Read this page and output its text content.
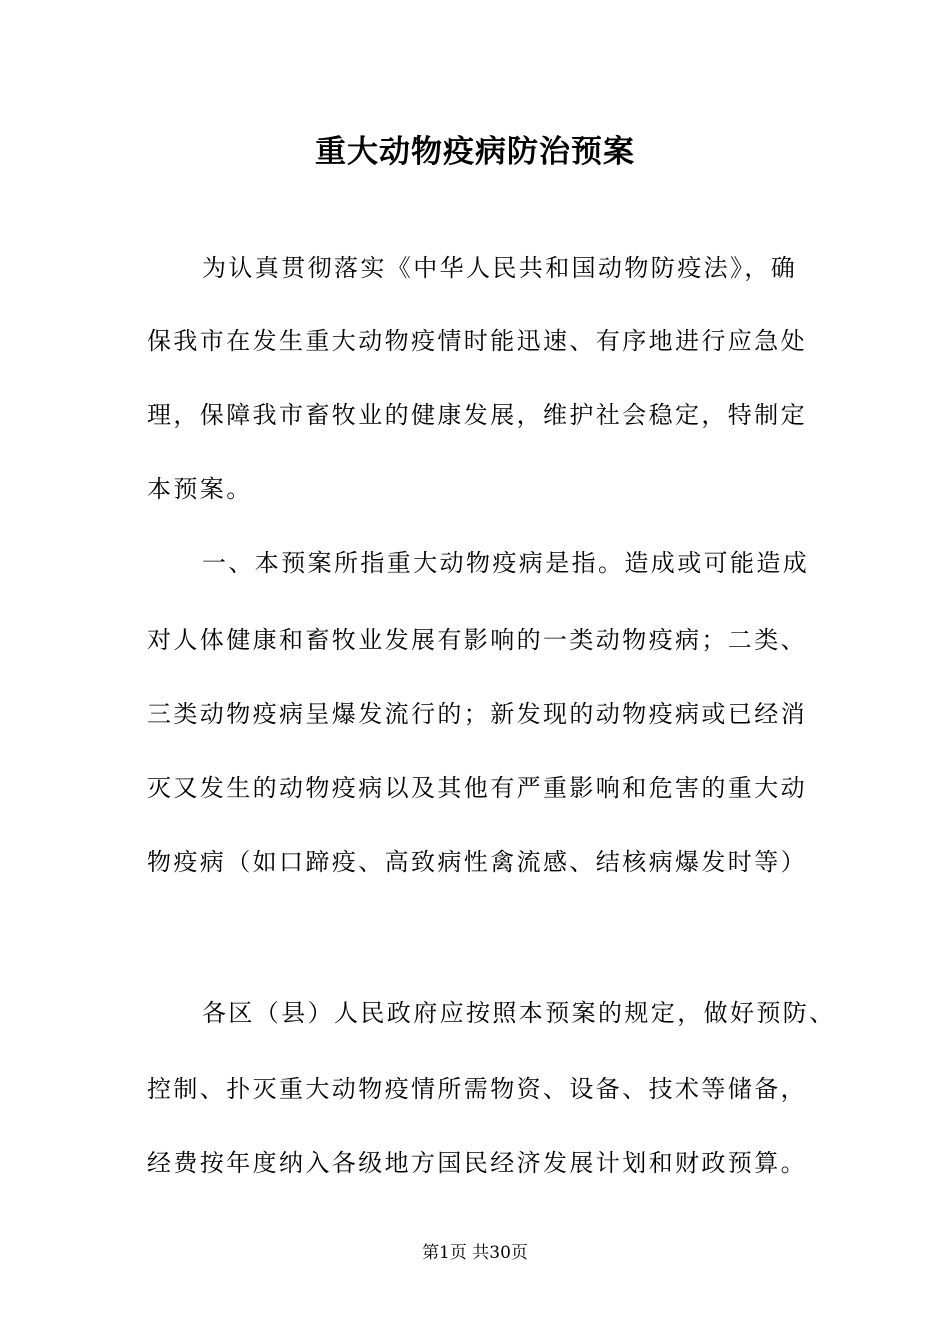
重大动物疫病防治预案
为认真贯彻落实《中华人民共和国动物防疫法》，确
保我市在发生重大动物疫情时能迅速、有序地进行应急处
理，保障我市畜牧业的健康发展，维护社会稳定，特制定
本预案。
一、本预案所指重大动物疫病是指。造成或可能造成
对人体健康和畜牧业发展有影响的一类动物疫病；二类、
三类动物疫病呈爆发流行的；新发现的动物疫病或已经消
灭又发生的动物疫病以及其他有严重影响和危害的重大动
物疫病（如口蹄疫、高致病性禽流感、结核病爆发时等）
各区（县）人民政府应按照本预案的规定，做好预防、
控制、扑灭重大动物疫情所需物资、设备、技术等储备，
经费按年度纳入各级地方国民经济发展计划和财政预算。
第1页 共30页
